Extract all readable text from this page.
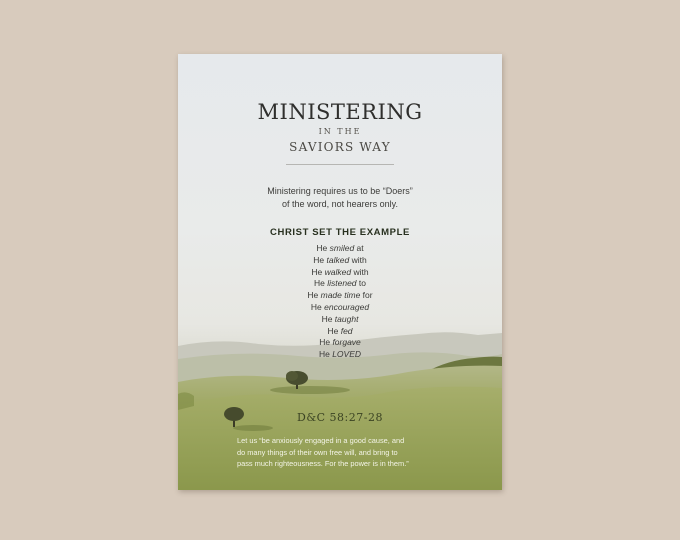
MINISTERING
IN THE
SAVIORS WAY
Ministering requires us to be “Doers”
of the word, not hearers only.
CHRIST SET THE EXAMPLE
He smiled at
He talked with
He walked with
He listened to
He made time for
He encouraged
He taught
He fed
He forgave
He LOVED
D&C 58:27-28
Let us “be anxiously engaged in a good cause, and
do many things of their own free will, and bring to
pass much righteousness. For the power is in them.”
